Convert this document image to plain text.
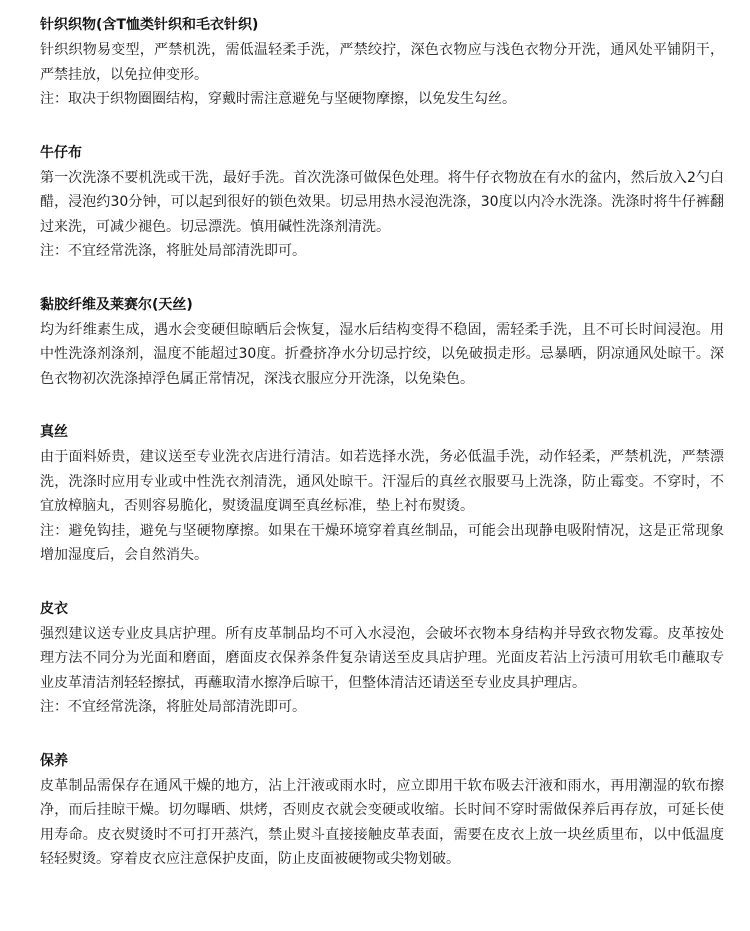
针织织物(含T恤类针织和毛衣针织)

针织织物易变型，严禁机洗，需低温轻柔手洗，严禁绞拧，深色衣物应与浅色衣物分开洗，通风处平铺阴干，严禁挂放，以免拉伸变形。

注：取决于织物圈圈结构，穿戴时需注意避免与坚硬物摩擦，以免发生勾丝。

牛仔布

第一次洗涤不要机洗或干洗，最好手洗。首次洗涤可做保色处理。将牛仔衣物放在有水的盆内，然后放入2勺白醋，浸泡约30分钟，可以起到很好的锁色效果。切忌用热水浸泡洗涤，30度以内冷水洗涤。洗涤时将牛仔裤翻过来洗，可减少褪色。切忌漂洗。慎用碱性洗涤剂清洗。

注：不宜经常洗涤，将脏处局部清洗即可。

黏胶纤维及莱赛尔(天丝)

均为纤维素生成，遇水会变硬但晾晒后会恢复，湿水后结构变得不稳固，需轻柔手洗，且不可长时间浸泡。用中性洗涤剂涤剂，温度不能超过30度。折叠挤净水分切忌拧绞，以免破损走形。忌暴晒，阴凉通风处晾干。深色衣物初次洗涤掉浮色属正常情况，深浅衣服应分开洗涤，以免染色。

真丝

由于面料娇贵，建议送至专业洗衣店进行清洁。如若选择水洗，务必低温手洗，动作轻柔，严禁机洗，严禁漂洗，洗涤时应用专业或中性洗衣剂清洗，通风处晾干。汗湿后的真丝衣服要马上洗涤，防止霉变。不穿时，不宜放樟脑丸，否则容易脆化，熨烫温度调至真丝标准，垫上衬布熨烫。

注：避免钩挂，避免与坚硬物摩擦。如果在干燥环境穿着真丝制品，可能会出现静电吸附情况，这是正常现象增加湿度后，会自然消失。

皮衣

强烈建议送专业皮具店护理。所有皮革制品均不可入水浸泡，会破坏衣物本身结构并导致衣物发霉。皮革按处理方法不同分为光面和磨面，磨面皮衣保养条件复杂请送至皮具店护理。光面皮若沾上污渍可用软毛巾蘸取专业皮革清洁剂轻轻擦拭，再蘸取清水擦净后晾干，但整体清洁还请送至专业皮具护理店。

注：不宜经常洗涤，将脏处局部清洗即可。

保养

皮革制品需保存在通风干燥的地方，沾上汗液或雨水时，应立即用干软布吸去汗液和雨水，再用潮湿的软布擦净，而后挂晾干燥。切勿曝晒、烘烤，否则皮衣就会变硬或收缩。长时间不穿时需做保养后再存放，可延长使用寿命。皮衣熨烫时不可打开蒸汽，禁止熨斗直接接触皮革表面，需要在皮衣上放一块丝质里布，以中低温度轻轻熨烫。穿着皮衣应注意保护皮面，防止皮面被硬物或尖物划破。
